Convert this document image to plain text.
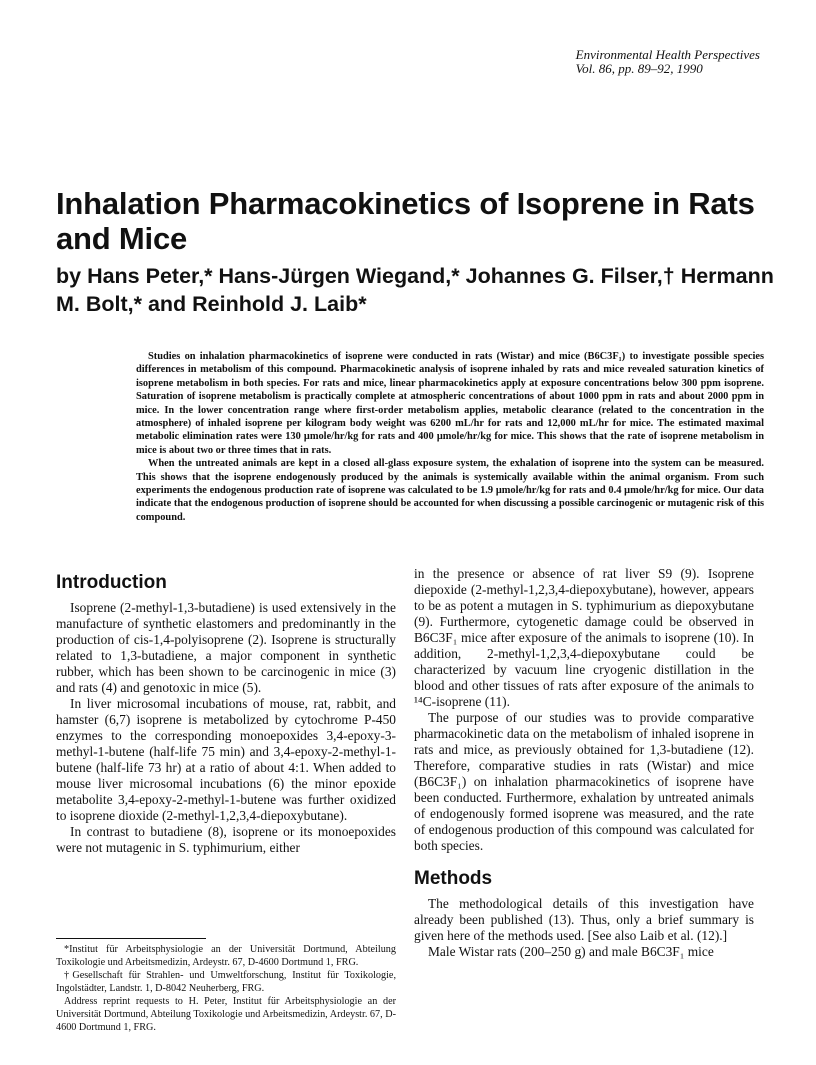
Environmental Health Perspectives
Vol. 86, pp. 89–92, 1990
Inhalation Pharmacokinetics of Isoprene in Rats and Mice
by Hans Peter,* Hans-Jürgen Wiegand,* Johannes G. Filser,† Hermann M. Bolt,* and Reinhold J. Laib*

Studies on inhalation pharmacokinetics of isoprene were conducted in rats (Wistar) and mice (B6C3F₁) to investigate possible species differences in metabolism of this compound. Pharmacokinetic analysis of isoprene inhaled by rats and mice revealed saturation kinetics of isoprene metabolism in both species. For rats and mice, linear pharmacokinetics apply at exposure concentrations below 300 ppm isoprene. Saturation of isoprene metabolism is practically complete at atmospheric concentrations of about 1000 ppm in rats and about 2000 ppm in mice. In the lower concentration range where first-order metabolism applies, metabolic clearance (related to the concentration in the atmosphere) of inhaled isoprene per kilogram body weight was 6200 mL/hr for rats and 12,000 mL/hr for mice. The estimated maximal metabolic elimination rates were 130 μmole/hr/kg for rats and 400 μmole/hr/kg for mice. This shows that the rate of isoprene metabolism in mice is about two or three times that in rats.

When the untreated animals are kept in a closed all-glass exposure system, the exhalation of isoprene into the system can be measured. This shows that the isoprene endogenously produced by the animals is systemically available within the animal organism. From such experiments the endogenous production rate of isoprene was calculated to be 1.9 μmole/hr/kg for rats and 0.4 μmole/hr/kg for mice. Our data indicate that the endogenous production of isoprene should be accounted for when discussing a possible carcinogenic or mutagenic risk of this compound.

Introduction

Isoprene (2-methyl-1,3-butadiene) is used extensively in the manufacture of synthetic elastomers and predominantly in the production of cis-1,4-polyisoprene (2). Isoprene is structurally related to 1,3-butadiene, a major component in synthetic rubber, which has been shown to be carcinogenic in mice (3) and rats (4) and genotoxic in mice (5).

In liver microsomal incubations of mouse, rat, rabbit, and hamster (6,7) isoprene is metabolized by cytochrome P-450 enzymes to the corresponding monoepoxides 3,4-epoxy-3-methyl-1-butene (half-life 75 min) and 3,4-epoxy-2-methyl-1-butene (half-life 73 hr) at a ratio of about 4:1. When added to mouse liver microsomal incubations (6) the minor epoxide metabolite 3,4-epoxy-2-methyl-1-butene was further oxidized to isoprene dioxide (2-methyl-1,2,3,4-diepoxybutane).

In contrast to butadiene (8), isoprene or its monoepoxides were not mutagenic in S. typhimurium, either

in the presence or absence of rat liver S9 (9). Isoprene diepoxide (2-methyl-1,2,3,4-diepoxybutane), however, appears to be as potent a mutagen in S. typhimurium as diepoxybutane (9). Furthermore, cytogenetic damage could be observed in B6C3F₁ mice after exposure of the animals to isoprene (10). In addition, 2-methyl-1,2,3,4-diepoxybutane could be characterized by vacuum line cryogenic distillation in the blood and other tissues of rats after exposure of the animals to ¹⁴C-isoprene (11).

The purpose of our studies was to provide comparative pharmacokinetic data on the metabolism of inhaled isoprene in rats and mice, as previously obtained for 1,3-butadiene (12). Therefore, comparative studies in rats (Wistar) and mice (B6C3F₁) on inhalation pharmacokinetics of isoprene have been conducted. Furthermore, exhalation by untreated animals of endogenously formed isoprene was measured, and the rate of endogenous production of this compound was calculated for both species.

Methods

The methodological details of this investigation have already been published (13). Thus, only a brief summary is given here of the methods used. [See also Laib et al. (12).]

Male Wistar rats (200–250 g) and male B6C3F₁ mice

*Institut für Arbeitsphysiologie an der Universität Dortmund, Abteilung Toxikologie und Arbeitsmedizin, Ardeystr. 67, D-4600 Dortmund 1, FRG.

†Gesellschaft für Strahlen- und Umweltforschung, Institut für Toxikologie, Ingolstädter, Landstr. 1, D-8042 Neuherberg, FRG.

Address reprint requests to H. Peter, Institut für Arbeitsphysiologie an der Universität Dortmund, Abteilung Toxikologie und Arbeitsmedizin, Ardeystr. 67, D-4600 Dortmund 1, FRG.
